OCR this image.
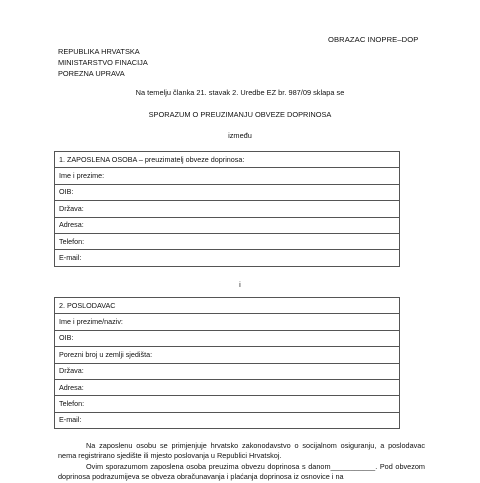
OBRAZAC INOPRE–DOP
REPUBLIKA HRVATSKA
MINISTARSTVO FINACIJA
POREZNA UPRAVA
Na temelju članka 21. stavak 2. Uredbe EZ br. 987/09 sklapa se
SPORAZUM O PREUZIMANJU OBVEZE DOPRINOSA
između
1. ZAPOSLENA OSOBA – preuzimatelj obveze doprinosa:
Ime i prezime:
OIB:
Država:
Adresa:
Telefon:
E-mail:
i
2. POSLODAVAC
Ime i prezime/naziv:
OIB:
Porezni broj u zemlji sjedišta:
Država:
Adresa:
Telefon:
E-mail:
Na zaposlenu osobu se primjenjuje hrvatsko zakonodavstvo o socijalnom osiguranju, a poslodavac nema registrirano sjedište ili mjesto poslovanja u Republici Hrvatskoj.
Ovim sporazumom zaposlena osoba preuzima obvezu doprinosa s danom___________. Pod obvezom doprinosa podrazumijeva se obveza obračunavanja i plaćanja doprinosa iz osnovice i na
